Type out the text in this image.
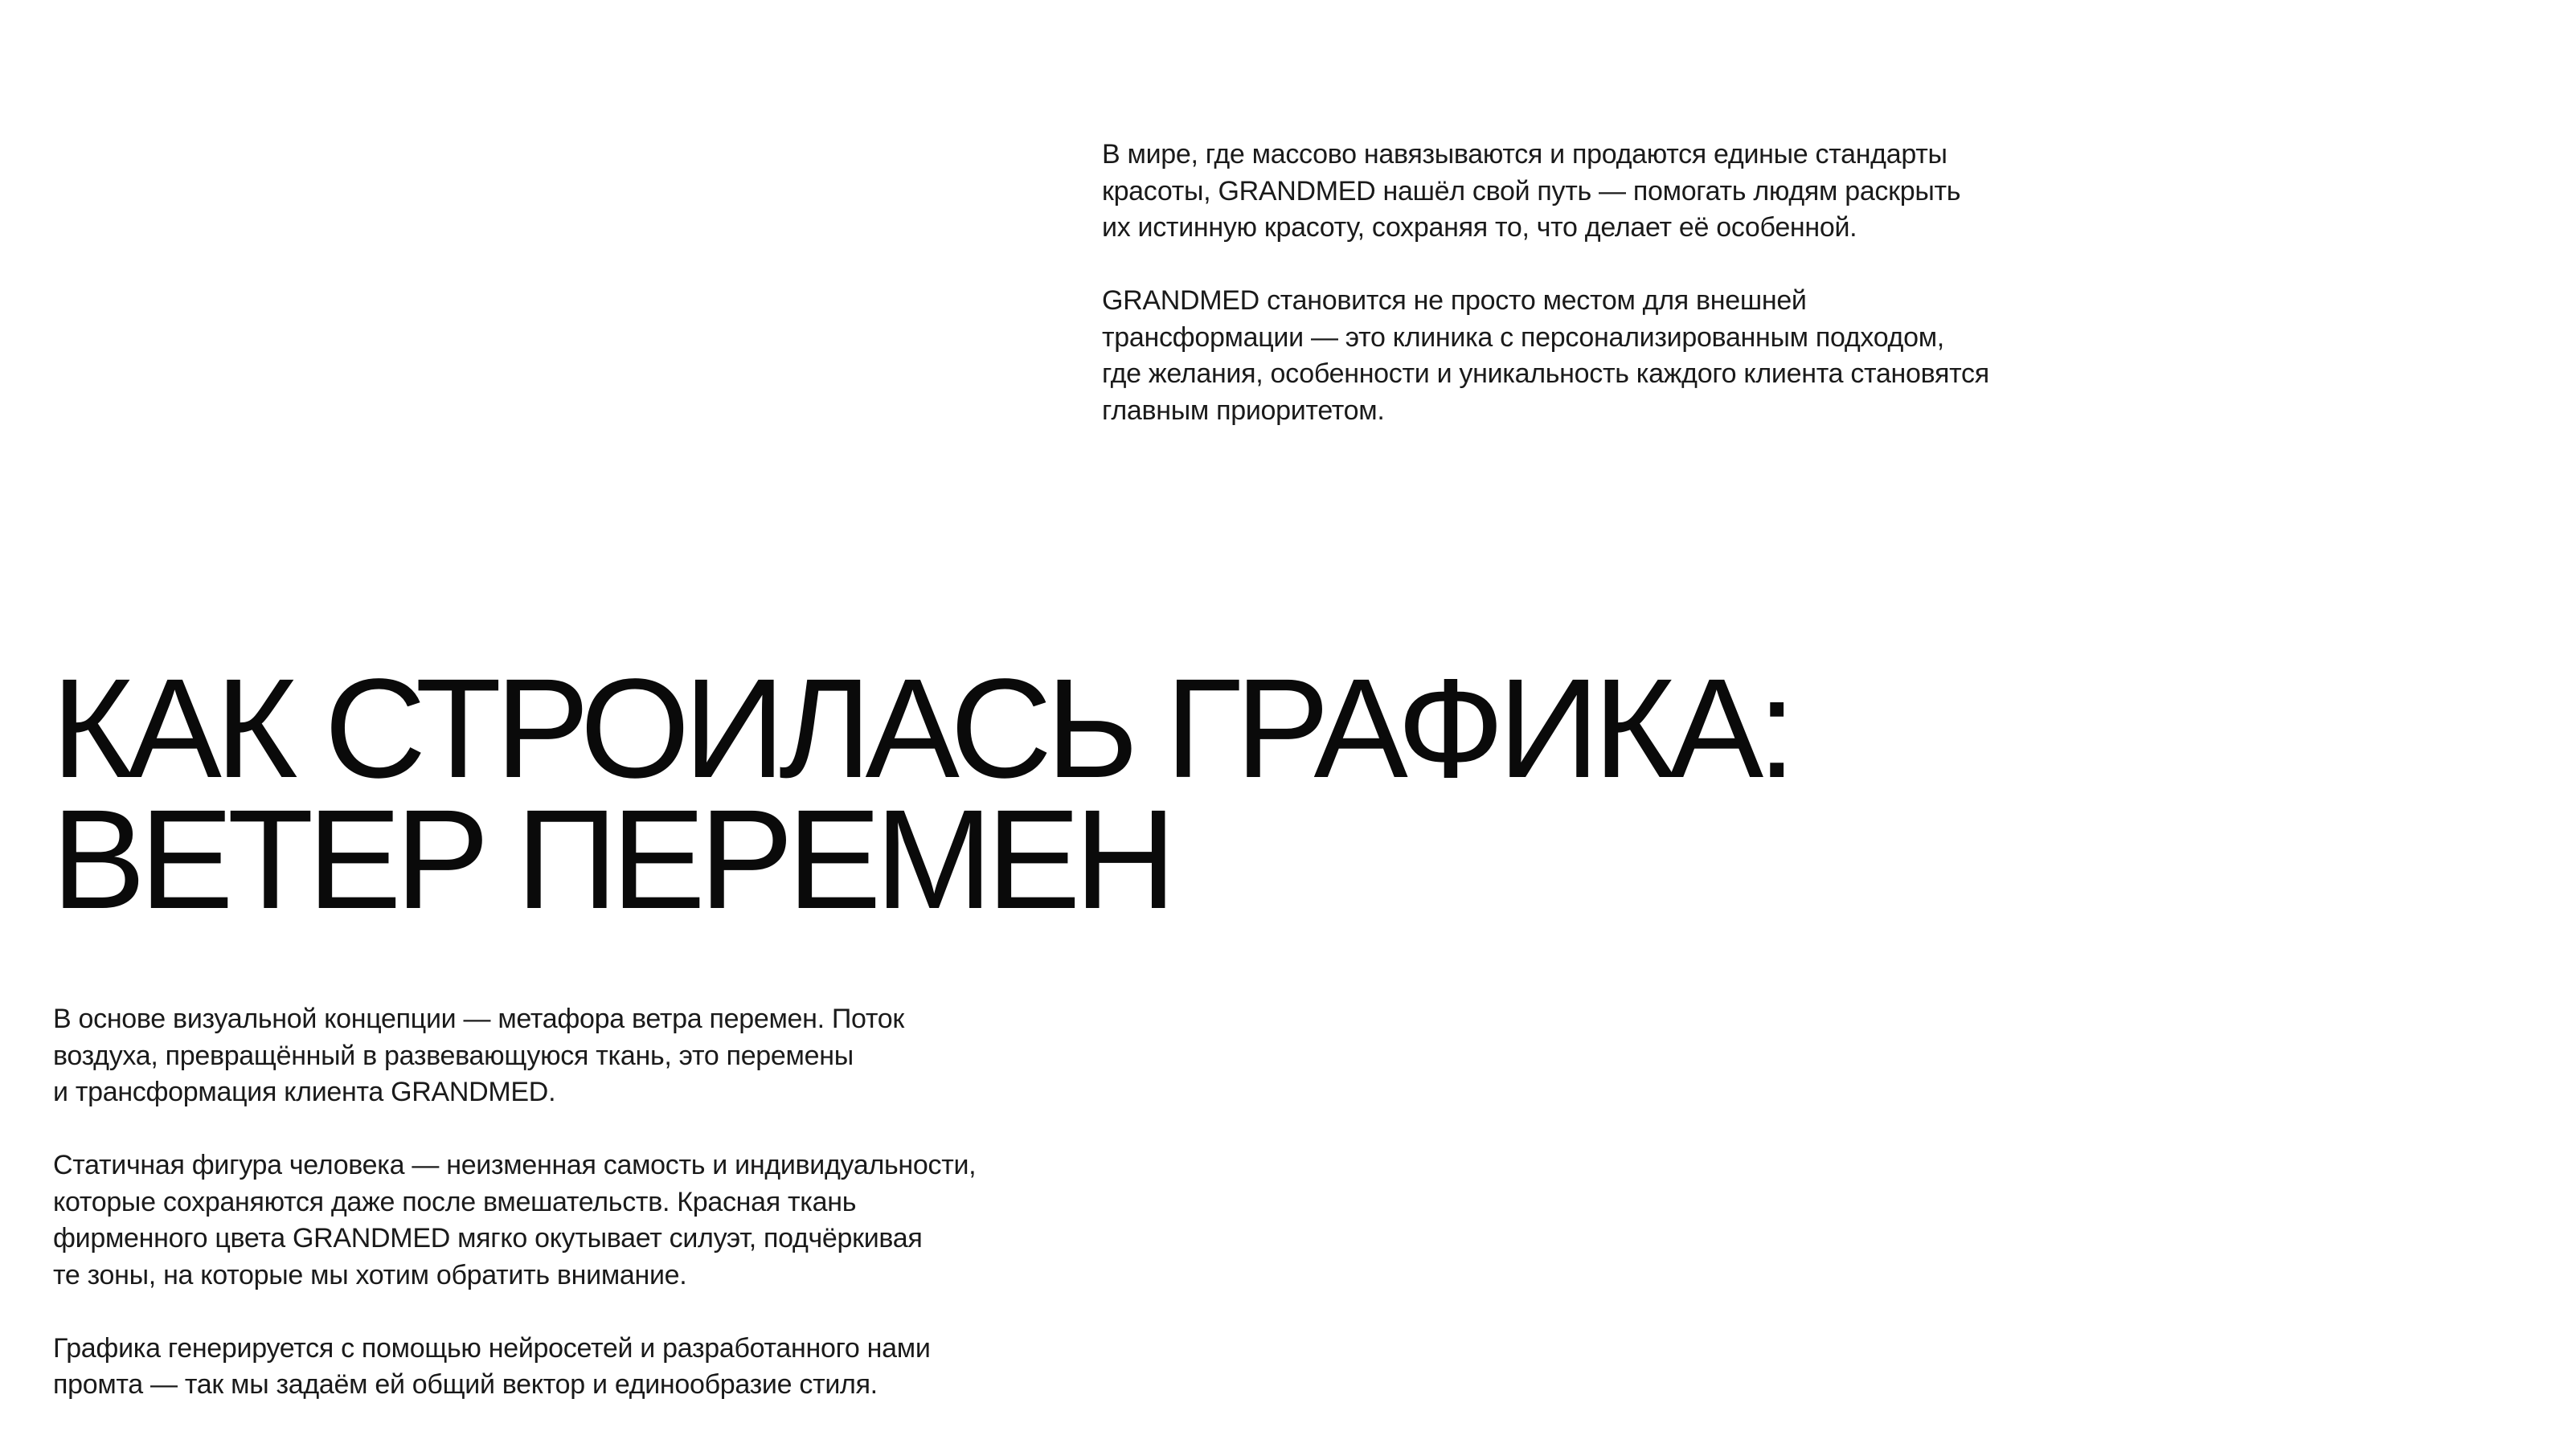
В мире, где массово навязываются и продаются единые стандарты
красоты, GRANDMED нашёл свой путь — помогать людям раскрыть
их истинную красоту, сохраняя то, что делает её особенной.

GRANDMED становится не просто местом для внешней
трансформации — это клиника с персонализированным подходом,
где желания, особенности и уникальность каждого клиента становятся
главным приоритетом.

КАК СТРОИЛАСЬ ГРАФИКА:
ВЕТЕР ПЕРЕМЕН

В основе визуальной концепции — метафора ветра перемен. Поток
воздуха, превращённый в развевающуюся ткань, это перемены
и трансформация клиента GRANDMED.

Статичная фигура человека — неизменная самость и индивидуальности,
которые сохраняются даже после вмешательств. Красная ткань
фирменного цвета GRANDMED мягко окутывает силуэт, подчёркивая
те зоны, на которые мы хотим обратить внимание.

Графика генерируется с помощью нейросетей и разработанного нами
промта — так мы задаём ей общий вектор и единообразие стиля.
